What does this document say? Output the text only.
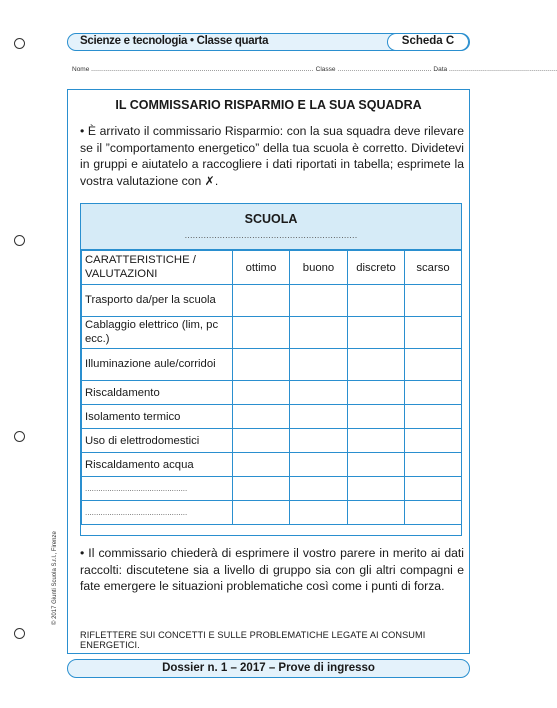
Scienze e tecnologia • Classe quarta	Scheda C
Nome ............................................................................................................... Classe ............................................... Data ......................................................
IL COMMISSARIO RISPARMIO E LA SUA SQUADRA
• È arrivato il commissario Risparmio: con la sua squadra deve rilevare se il ”comportamento energetico” della tua scuola è corretto. Dividetevi in gruppi e aiutatelo a raccogliere i dati riportati in tabella; esprimete la vostra valutazione con ✗.
SCUOLA
................................................................
CARATTERISTICHE / VALUTAZIONI	ottimo	buono	discreto	scarso
Trasporto da/per la scuola				
Cablaggio elettrico (lim, pc ecc.)				
Illuminazione aule/corridoi				
Riscaldamento				
Isolamento termico				
Uso di elettrodomestici				
Riscaldamento acqua				
..............................................				
..............................................				
• Il commissario chiederà di esprimere il vostro parere in merito ai dati raccolti: discutetene sia a livello di gruppo sia con gli altri compagni e fate emergere le situazioni problematiche così come i punti di forza.
RIFLETTERE SUI CONCETTI E SULLE PROBLEMATICHE LEGATE AI CONSUMI ENERGETICI.
© 2017 Giunti Scuola S.r.l., Firenze
Dossier n. 1 – 2017 – Prove di ingresso
